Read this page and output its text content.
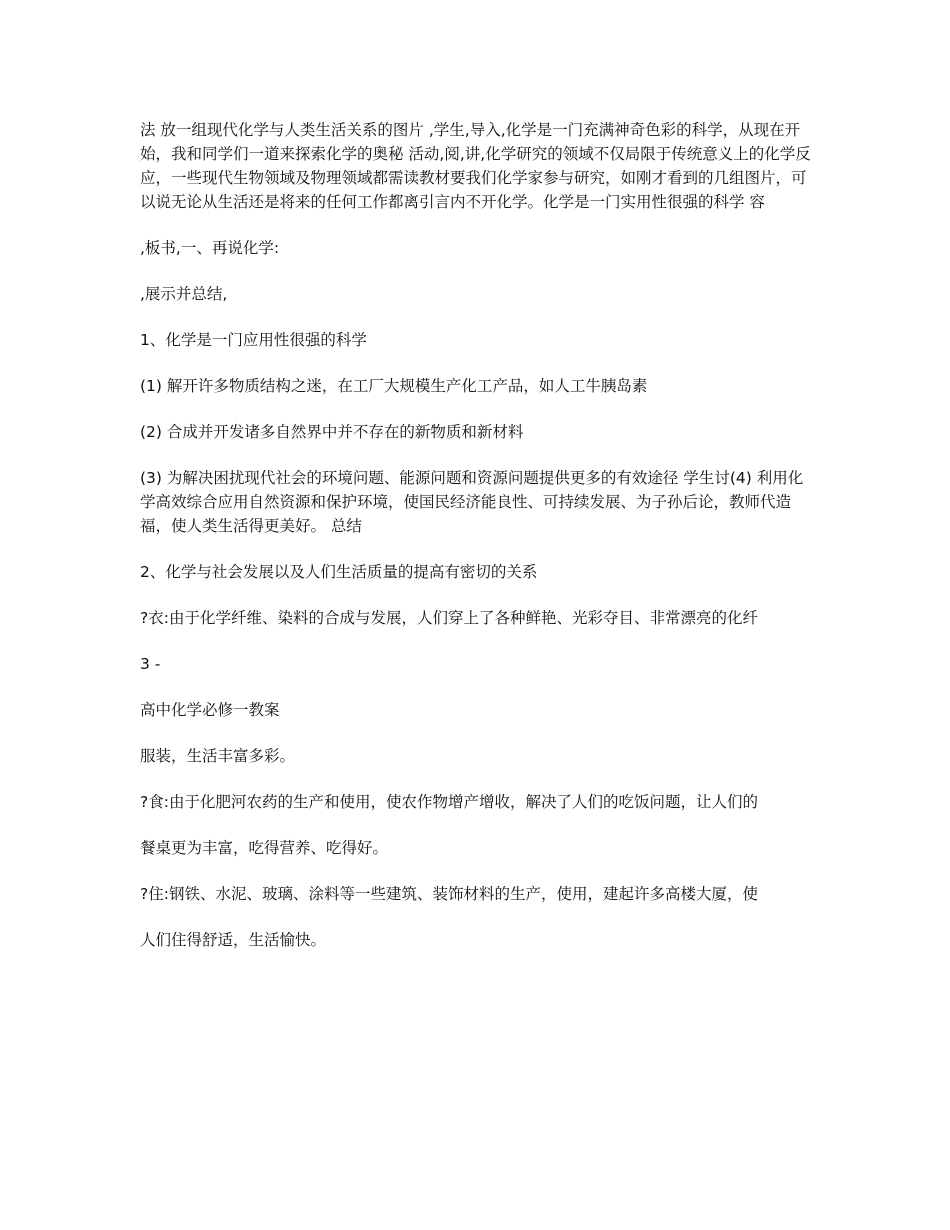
法 放一组现代化学与人类生活关系的图片 ,学生,导入,化学是一门充满神奇色彩的科学，从现在开始，我和同学们一道来探索化学的奥秘 活动,阅,讲,化学研究的领域不仅局限于传统意义上的化学反应，一些现代生物领域及物理领域都需读教材要我们化学家参与研究，如刚才看到的几组图片，可以说无论从生活还是将来的任何工作都离引言内不开化学。化学是一门实用性很强的科学 容

,板书,一、再说化学:

,展示并总结,

1、化学是一门应用性很强的科学

(1) 解开许多物质结构之迷，在工厂大规模生产化工产品，如人工牛胰岛素

(2) 合成并开发诸多自然界中并不存在的新物质和新材料

(3) 为解决困扰现代社会的环境问题、能源问题和资源问题提供更多的有效途径 学生讨(4) 利用化学高效综合应用自然资源和保护环境，使国民经济能良性、可持续发展、为子孙后论，教师代造福，使人类生活得更美好。 总结

2、化学与社会发展以及人们生活质量的提高有密切的关系

?衣:由于化学纤维、染料的合成与发展，人们穿上了各种鲜艳、光彩夺目、非常漂亮的化纤

3 -

高中化学必修一教案

服装，生活丰富多彩。

?食:由于化肥河农药的生产和使用，使农作物增产增收，解决了人们的吃饭问题，让人们的

餐桌更为丰富，吃得营养、吃得好。

?住:钢铁、水泥、玻璃、涂料等一些建筑、装饰材料的生产，使用，建起许多高楼大厦，使

人们住得舒适，生活愉快。
